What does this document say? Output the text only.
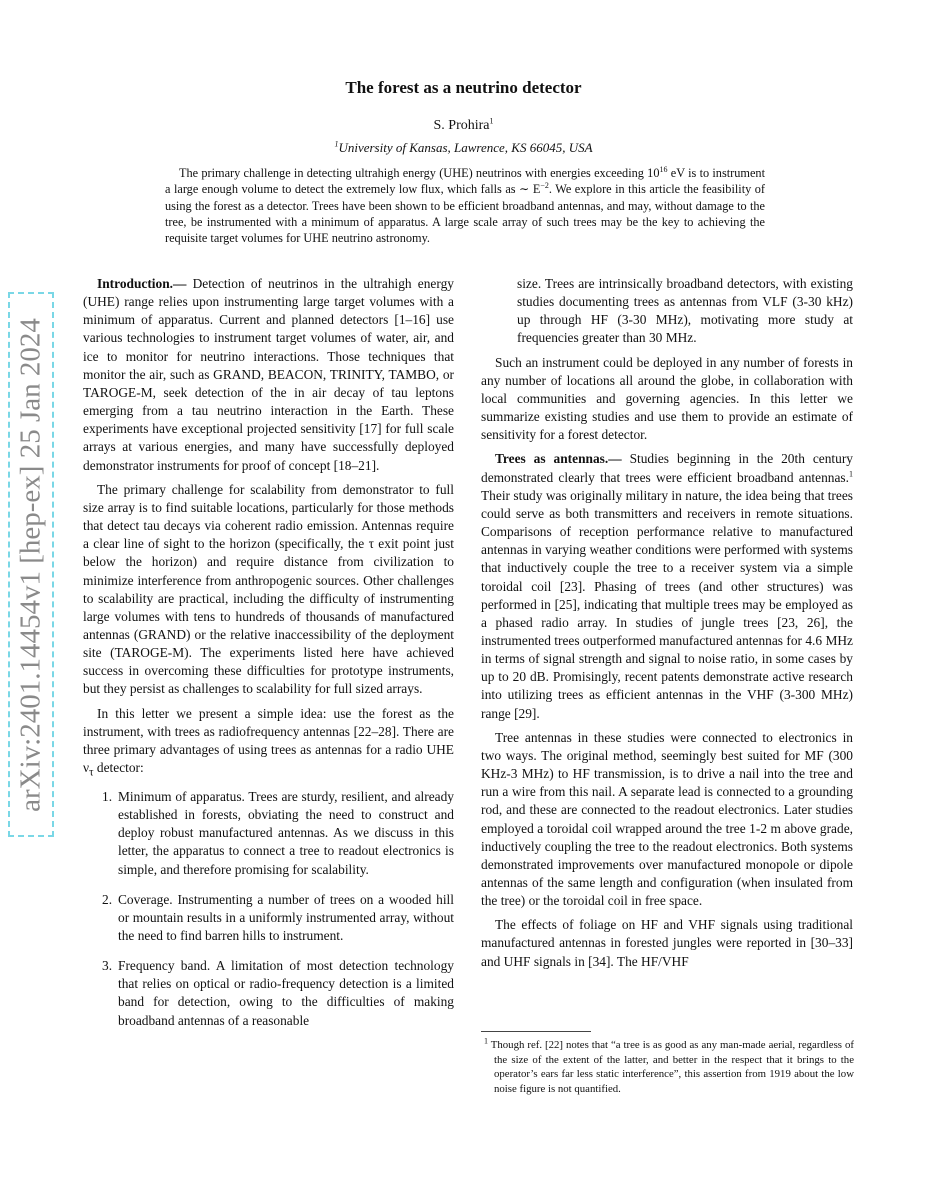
The forest as a neutrino detector
S. Prohira$^1$
$^1$University of Kansas, Lawrence, KS 66045, USA
The primary challenge in detecting ultrahigh energy (UHE) neutrinos with energies exceeding $10^{16}$ eV is to instrument a large enough volume to detect the extremely low flux, which falls as ∼ $E^{-2}$. We explore in this article the feasibility of using the forest as a detector. Trees have been shown to be efficient broadband antennas, and may, without damage to the tree, be instrumented with a minimum of apparatus. A large scale array of such trees may be the key to achieving the requisite target volumes for UHE neutrino astronomy.
arXiv:2401.14454v1 [hep-ex] 25 Jan 2024

Introduction.— Detection of neutrinos in the ultrahigh energy (UHE) range relies upon instrumenting large target volumes with a minimum of apparatus. Current and planned detectors [1–16] use various technologies to instrument target volumes of water, air, and ice to monitor for neutrino interactions. Those techniques that monitor the air, such as GRAND, BEACON, TRINITY, TAMBO, or TAROGE-M, seek detection of the in air decay of tau leptons emerging from a tau neutrino interaction in the Earth. These experiments have exceptional projected sensitivity [17] for full scale arrays at various energies, and many have successfully deployed demonstrator instruments for proof of concept [18–21].

The primary challenge for scalability from demonstrator to full size array is to find suitable locations, particularly for those methods that detect tau decays via coherent radio emission. Antennas require a clear line of sight to the horizon (specifically, the τ exit point just below the horizon) and require distance from civilization to minimize interference from anthropogenic sources. Other challenges to scalability are practical, including the difficulty of instrumenting large volumes with tens to hundreds of thousands of manufactured antennas (GRAND) or the relative inaccessibility of the deployment site (TAROGE-M). The experiments listed here have achieved success in overcoming these difficulties for prototype instruments, but they persist as challenges to scalability for full sized arrays.

In this letter we present a simple idea: use the forest as the instrument, with trees as radiofrequency antennas [22–28]. There are three primary advantages of using trees as antennas for a radio UHE $\nu_\tau$ detector:

1. Minimum of apparatus. Trees are sturdy, resilient, and already established in forests, obviating the need to construct and deploy robust manufactured antennas. As we discuss in this letter, the apparatus to connect a tree to readout electronics is simple, and therefore promising for scalability.
2. Coverage. Instrumenting a number of trees on a wooded hill or mountain results in a uniformly instrumented array, without the need to find barren hills to instrument.
3. Frequency band. A limitation of most detection technology that relies on optical or radio-frequency detection is a limited band for detection, owing to the difficulties of making broadband antennas of a reasonable

size. Trees are intrinsically broadband detectors, with existing studies documenting trees as antennas from VLF (3-30 kHz) up through HF (3-30 MHz), motivating more study at frequencies greater than 30 MHz.

Such an instrument could be deployed in any number of forests in any number of locations all around the globe, in collaboration with local communities and governing agencies. In this letter we summarize existing studies and use them to provide an estimate of sensitivity for a forest detector.

Trees as antennas.— Studies beginning in the 20th century demonstrated clearly that trees were efficient broadband antennas.$^1$ Their study was originally military in nature, the idea being that trees could serve as both transmitters and receivers in remote situations. Comparisons of reception performance relative to manufactured antennas in varying weather conditions were performed with systems that inductively couple the tree to a receiver system via a simple toroidal coil [23]. Phasing of trees (and other structures) was performed in [25], indicating that multiple trees may be employed as a phased radio array. In studies of jungle trees [23, 26], the instrumented trees outperformed manufactured antennas for 4.6 MHz in terms of signal strength and signal to noise ratio, in some cases by up to 20 dB. Promisingly, recent patents demonstrate active research into utilizing trees as efficient antennas in the VHF (3-300 MHz) range [29].

Tree antennas in these studies were connected to electronics in two ways. The original method, seemingly best suited for MF (300 KHz-3 MHz) to HF transmission, is to drive a nail into the tree and run a wire from this nail. A separate lead is connected to a grounding rod, and these are connected to the readout electronics. Later studies employed a toroidal coil wrapped around the tree 1-2 m above grade, inductively coupling the tree to the readout electronics. Both systems demonstrated improvements over manufactured monopole or dipole antennas of the same length and configuration (when insulated from the tree) or the toroidal coil in free space.

The effects of foliage on HF and VHF signals using traditional manufactured antennas in forested jungles were reported in [30–33] and UHF signals in [34]. The HF/VHF

$^1$ Though ref. [22] notes that “a tree is as good as any man-made aerial, regardless of the size of the extent of the latter, and better in the respect that it brings to the operator’s ears far less static interference”, this assertion from 1919 about the low noise figure is not quantified.
